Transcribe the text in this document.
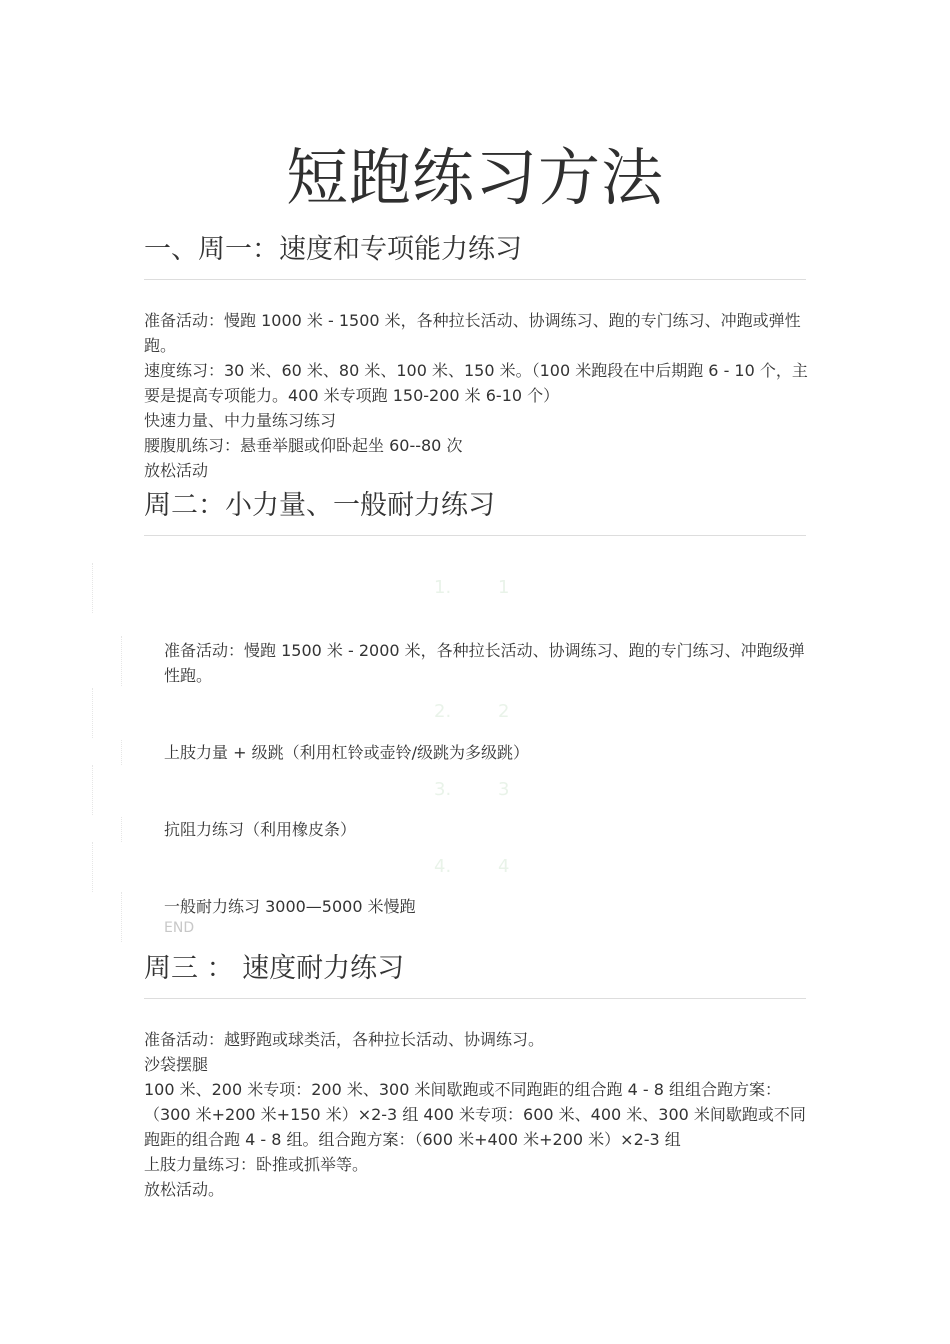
短跑练习方法
一、周一：速度和专项能力练习
准备活动：慢跑 1000 米 - 1500 米，各种拉长活动、协调练习、跑的专门练习、冲跑或弹性跑。
速度练习：30 米、60 米、80 米、100 米、150 米。（100 米跑段在中后期跑 6 - 10 个，主要是提高专项能力。400 米专项跑 150-200 米 6-10 个）
快速力量、中力量练习练习
腰腹肌练习：悬垂举腿或仰卧起坐 60--80 次
放松活动
周二：小力量、一般耐力练习
1.	1
准备活动：慢跑 1500 米 - 2000 米，各种拉长活动、协调练习、跑的专门练习、冲跑级弹性跑。
2.	2
上肢力量 + 级跳（利用杠铃或壶铃/级跳为多级跳）
3.	3
抗阻力练习（利用橡皮条）
4.	4
一般耐力练习 3000—5000 米慢跑
END
周三 ： 速度耐力练习
准备活动：越野跑或球类活，各种拉长活动、协调练习。
沙袋摆腿
100 米、200 米专项：200 米、300 米间歇跑或不同跑距的组合跑 4 - 8 组组合跑方案：（300 米+200 米+150 米）×2-3 组 400 米专项：600 米、400 米、300 米间歇跑或不同跑距的组合跑 4 - 8 组。组合跑方案：（600 米+400 米+200 米）×2-3 组
上肢力量练习：卧推或抓举等。
放松活动。
